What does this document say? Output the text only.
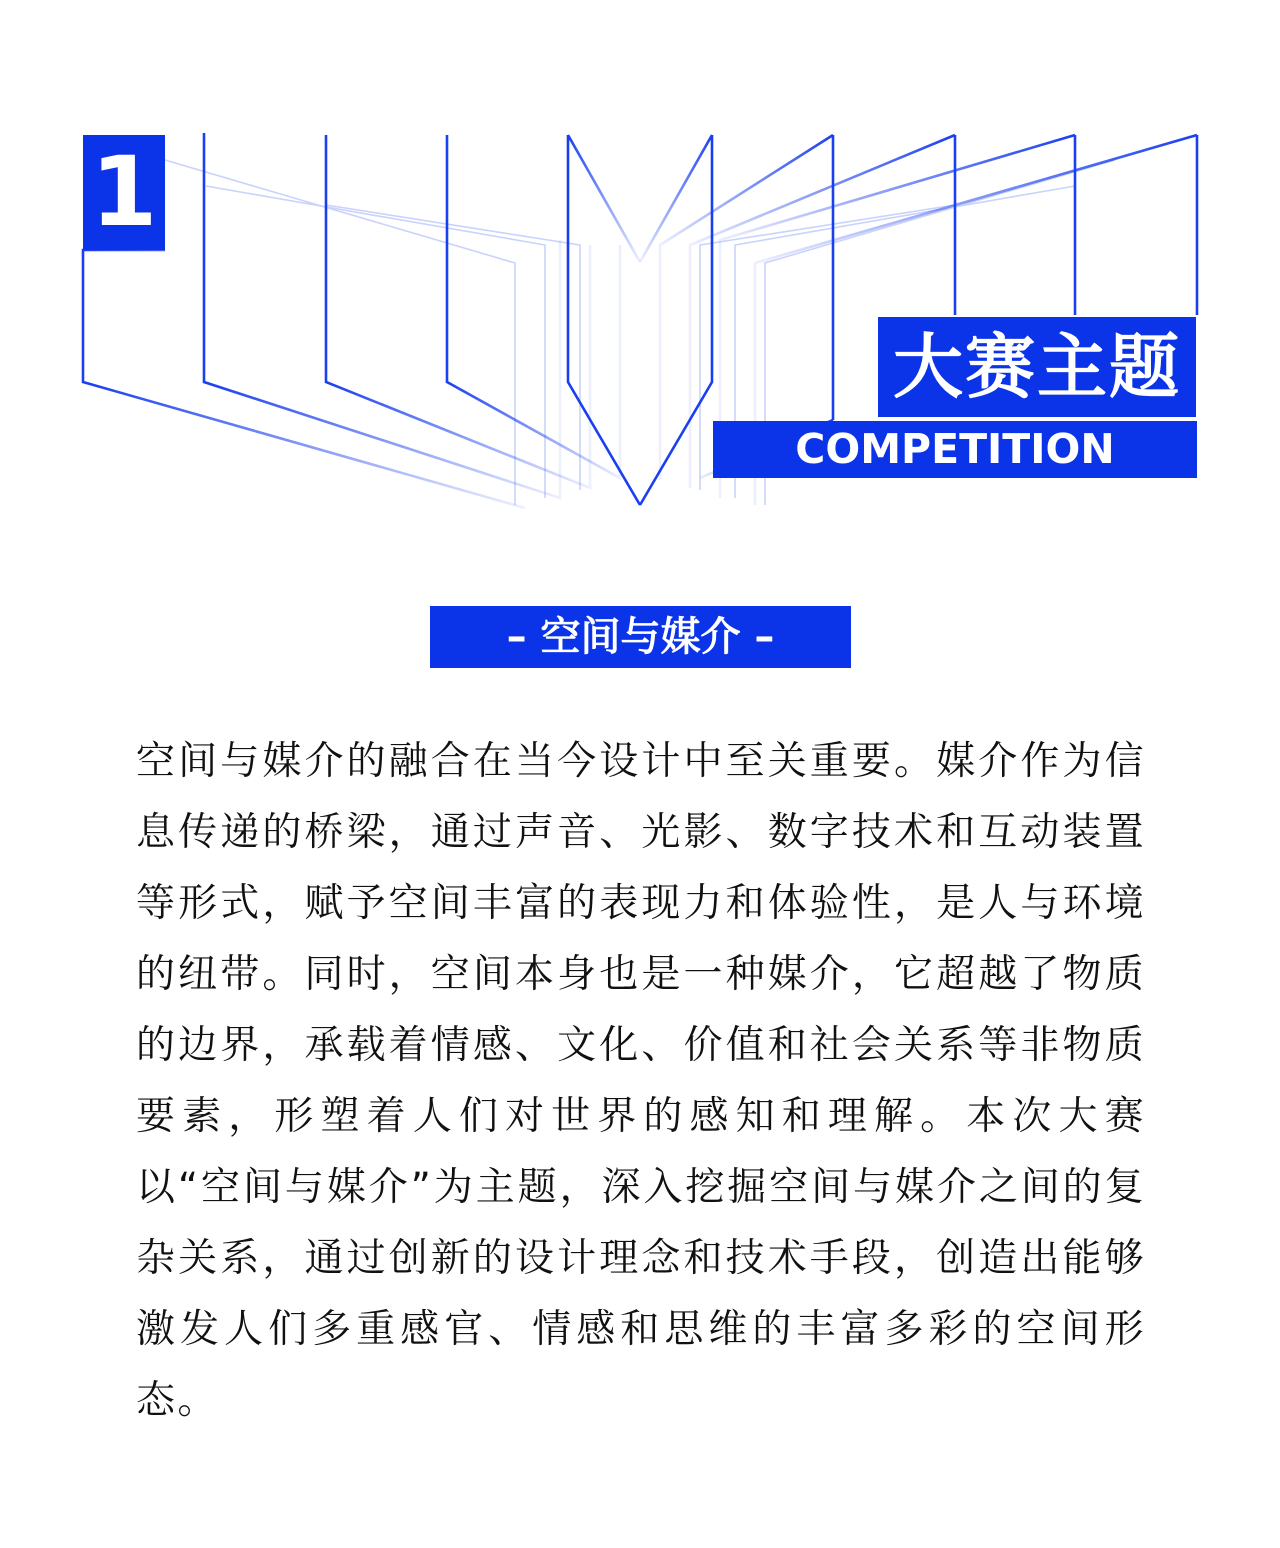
1
大赛主题
COMPETITION THEME
– 空间与媒介 –

空间与媒介的融合在当今设计中至关重要。媒介作为信息传递的桥梁，通过声音、光影、数字技术和互动装置等形式，赋予空间丰富的表现力和体验性，是人与环境的纽带。同时，空间本身也是一种媒介，它超越了物质的边界，承载着情感、文化、价值和社会关系等非物质要素，形塑着人们对世界的感知和理解。本次大赛以“空间与媒介”为主题，深入挖掘空间与媒介之间的复杂关系，通过创新的设计理念和技术手段，创造出能够激发人们多重感官、情感和思维的丰富多彩的空间形态。
